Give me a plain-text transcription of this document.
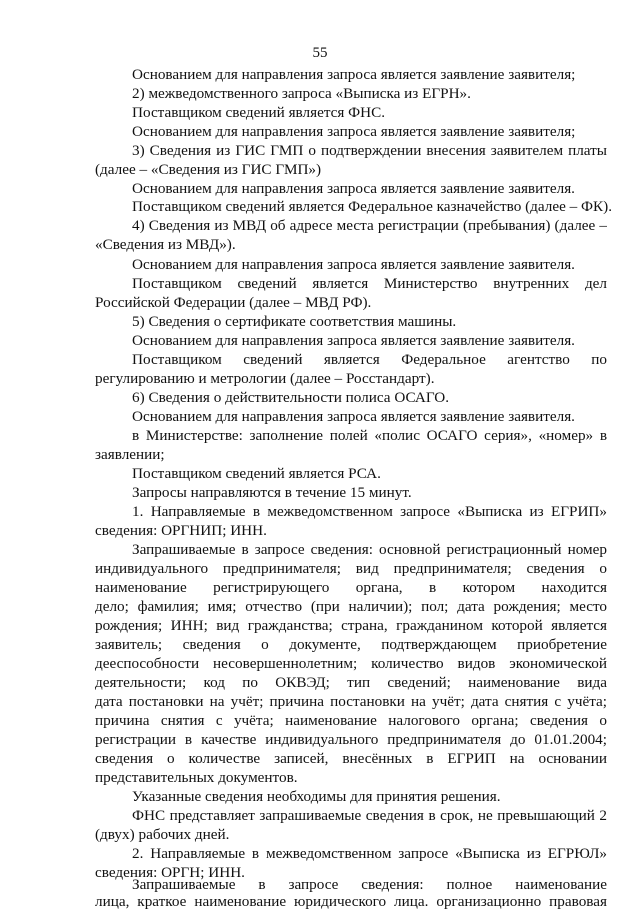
55
Основанием для направления запроса является заявление заявителя;
2) межведомственного запроса «Выписка из ЕГРН».
Поставщиком сведений является ФНС.
Основанием для направления запроса является заявление заявителя;
3) Сведения из ГИС ГМП о подтверждении внесения заявителем платы
(далее – «Сведения из ГИС ГМП»)
Основанием для направления запроса является заявление заявителя.
Поставщиком сведений является Федеральное казначейство (далее – ФК).
4) Сведения из МВД об адресе места регистрации (пребывания) (далее –
«Сведения из МВД»).
Основанием для направления запроса является заявление заявителя.
Поставщиком сведений является Министерство внутренних дел
Российской Федерации (далее – МВД РФ).
5) Сведения о сертификате соответствия машины.
Основанием для направления запроса является заявление заявителя.
Поставщиком сведений является Федеральное агентство по
регулированию и метрологии (далее – Росстандарт).
6) Сведения о действительности полиса ОСАГО.
Основанием для направления запроса является заявление заявителя.
в Министерстве: заполнение полей «полис ОСАГО серия», «номер» в
заявлении;
Поставщиком сведений является РСА.
Запросы направляются в течение 15 минут.
1. Направляемые в межведомственном запросе «Выписка из ЕГРИП»
сведения: ОРГНИП; ИНН.
Запрашиваемые в запросе сведения: основной регистрационный номер
индивидуального предпринимателя; вид предпринимателя; сведения о
наименование регистрирующего органа, в котором находится
дело; фамилия; имя; отчество (при наличии); пол; дата рождения; место
рождения; ИНН; вид гражданства; страна, гражданином которой является
заявитель; сведения о документе, подтверждающем приобретение
дееспособности несовершеннолетним; количество видов экономической
деятельности; код по ОКВЭД; тип сведений; наименование вида
дата постановки на учёт; причина постановки на учёт; дата снятия с учёта;
причина снятия с учёта; наименование налогового органа; сведения о
регистрации в качестве индивидуального предпринимателя до 01.01.2004;
сведения о количестве записей, внесённых в ЕГРИП на основании
представительных документов.
Указанные сведения необходимы для принятия решения.
ФНС представляет запрашиваемые сведения в срок, не превышающий 2
(двух) рабочих дней.
2. Направляемые в межведомственном запросе «Выписка из ЕГРЮЛ»
сведения: ОРГН; ИНН.
Запрашиваемые в запросе сведения: полное наименование
лица, краткое наименование юридического лица. организационно правовая
